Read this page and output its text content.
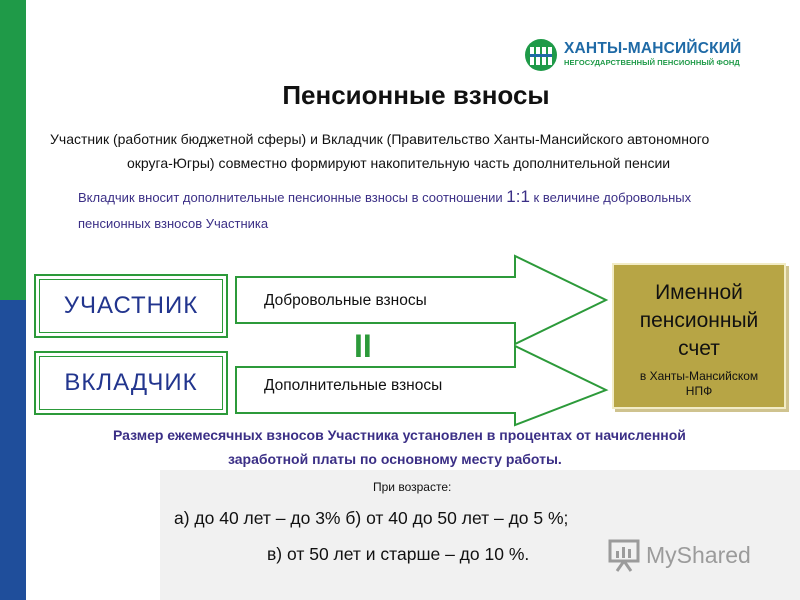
ХАНТЫ-МАНСИЙСКИЙ
НЕГОСУДАРСТВЕННЫЙ ПЕНСИОННЫЙ ФОНД
Пенсионные взносы
Участник (работник бюджетной сферы) и Вкладчик (Правительство Ханты-Мансийского автономного
округа-Югры) совместно формируют накопительную часть дополнительной пенсии
Вкладчик вносит дополнительные пенсионные взносы в соотношении 1:1 к величине добровольных
пенсионных взносов Участника
УЧАСТНИК
ВКЛАДЧИК
Добровольные взносы
Дополнительные взносы
II
Именной
пенсионный
счет
в Ханты-Мансийском
НПФ
Размер ежемесячных взносов Участника установлен в процентах от начисленной
заработной платы по основному месту работы.
При возрасте:
а) до 40 лет – до 3% б) от 40 до 50 лет – до 5 %;
в) от 50 лет и старше – до 10 %.	MyShared
